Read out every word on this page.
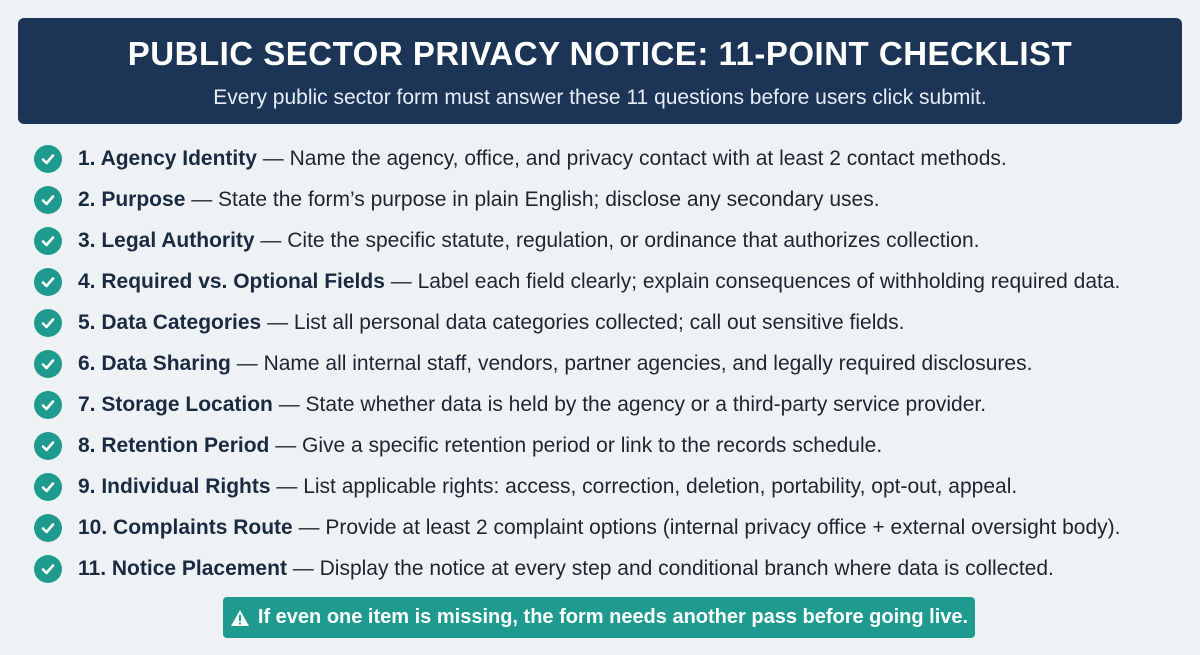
PUBLIC SECTOR PRIVACY NOTICE: 11-POINT CHECKLIST
Every public sector form must answer these 11 questions before users click submit.
1. Agency Identity — Name the agency, office, and privacy contact with at least 2 contact methods.
2. Purpose — State the form’s purpose in plain English; disclose any secondary uses.
3. Legal Authority — Cite the specific statute, regulation, or ordinance that authorizes collection.
4. Required vs. Optional Fields — Label each field clearly; explain consequences of withholding required data.
5. Data Categories — List all personal data categories collected; call out sensitive fields.
6. Data Sharing — Name all internal staff, vendors, partner agencies, and legally required disclosures.
7. Storage Location — State whether data is held by the agency or a third-party service provider.
8. Retention Period — Give a specific retention period or link to the records schedule.
9. Individual Rights — List applicable rights: access, correction, deletion, portability, opt-out, appeal.
10. Complaints Route — Provide at least 2 complaint options (internal privacy office + external oversight body).
11. Notice Placement — Display the notice at every step and conditional branch where data is collected.
If even one item is missing, the form needs another pass before going live.
